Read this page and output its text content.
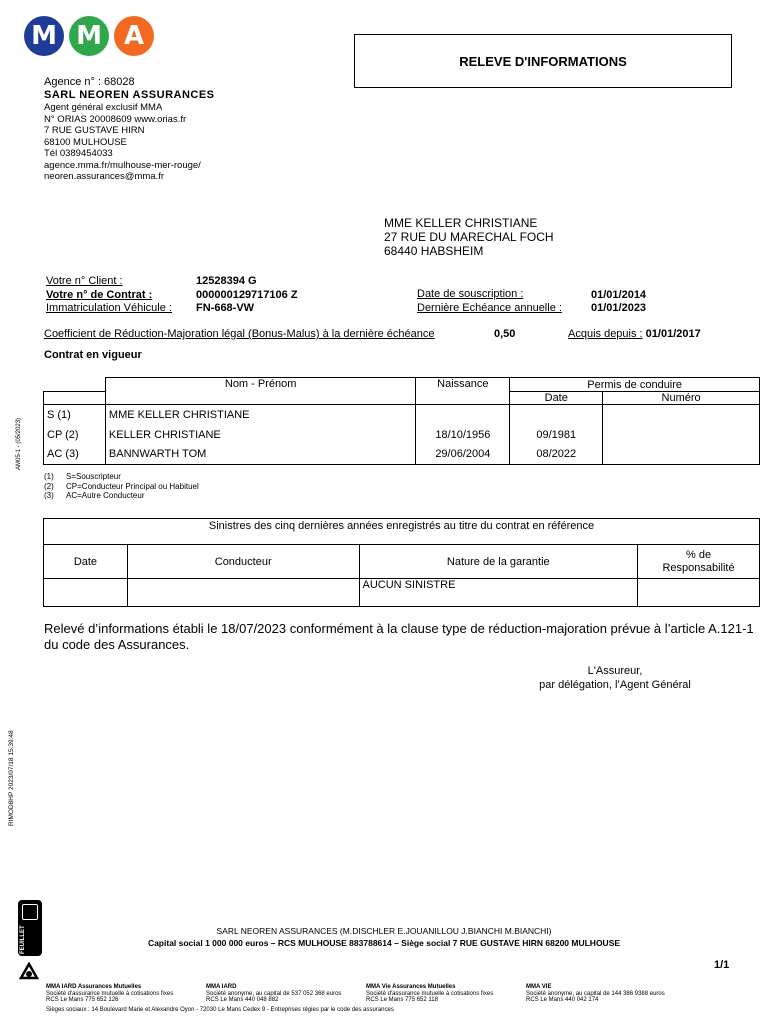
M M A
RELEVE D'INFORMATIONS
Agence n° : 68028
SARL NEOREN ASSURANCES
Agent général exclusif MMA
N° ORIAS 20008609 www.orias.fr
7 RUE GUSTAVE HIRN
68100 MULHOUSE
Tél 0389454033
agence.mma.fr/mulhouse-mer-rouge/
neoren.assurances@mma.fr
MME KELLER CHRISTIANE
27 RUE DU MARECHAL FOCH
68440 HABSHEIM
Votre n° Client :	12528394 G
Votre n° de Contrat :	000000129717106 Z
Immatriculation Véhicule : FN-668-VW
Date de souscription :	01/01/2014
Dernière Echéance annuelle :	01/01/2023
Coefficient de Réduction-Majoration légal (Bonus-Malus) à la dernière échéance	0,50	Acquis depuis : 01/01/2017
Contrat en vigueur
	Nom - Prénom	Naissance	Permis de conduire	
			Date	Numéro
S (1)	MME KELLER CHRISTIANE			
CP (2)	KELLER CHRISTIANE	18/10/1956	09/1981	
AC (3)	BANNWARTH TOM	29/06/2004	08/2022	
(1) S=Souscripteur
(2) CP=Conducteur Principal ou Habituel
(3) AC=Autre Conducteur
Sinistres des cinq dernières années enregistrés au titre du contrat en référence			
Date	Conducteur	Nature de la garantie	% de
Responsabilité

		AUCUN SINISTRE	
Relevé d’informations établi le 18/07/2023 conformément à la clause type de réduction-majoration prévue à l’article A.121-1 du code des Assurances.
L'Assureur,
par délégation, l’Agent Général
AM05-1 - (05/2023)
RIMOD8HP 2023/07/18 15:39:48
FEUILLET	SARL NEOREN ASSURANCES (M.DISCHLER E.JOUANILLOU J.BIANCHI M.BIANCHI)
Capital social 1 000 000 euros – RCS MULHOUSE 883788614 – Siège social 7 RUE GUSTAVE HIRN 68200 MULHOUSE
1/1
MMA IARD Assurances Mutuelles
Société d'assurance mutuelle à cotisations fixes
RCS Le Mans 775 652 126
MMA IARD
Société anonyme, au capital de 537 052 368 euros
RCS Le Mans 440 048 882
MMA Vie Assurances Mutuelles
Société d'assurance mutuelle à cotisations fixes
RCS Le Mans 775 652 118
MMA VIE
Société anonyme, au capital de 144 386 9388 euros
RCS Le Mans 440 042 174
Sièges sociaux : 14 Boulevard Marie et Alexandre Oyon - 72030 Le Mans Cedex 9 - Entreprises régies par le code des assurances
